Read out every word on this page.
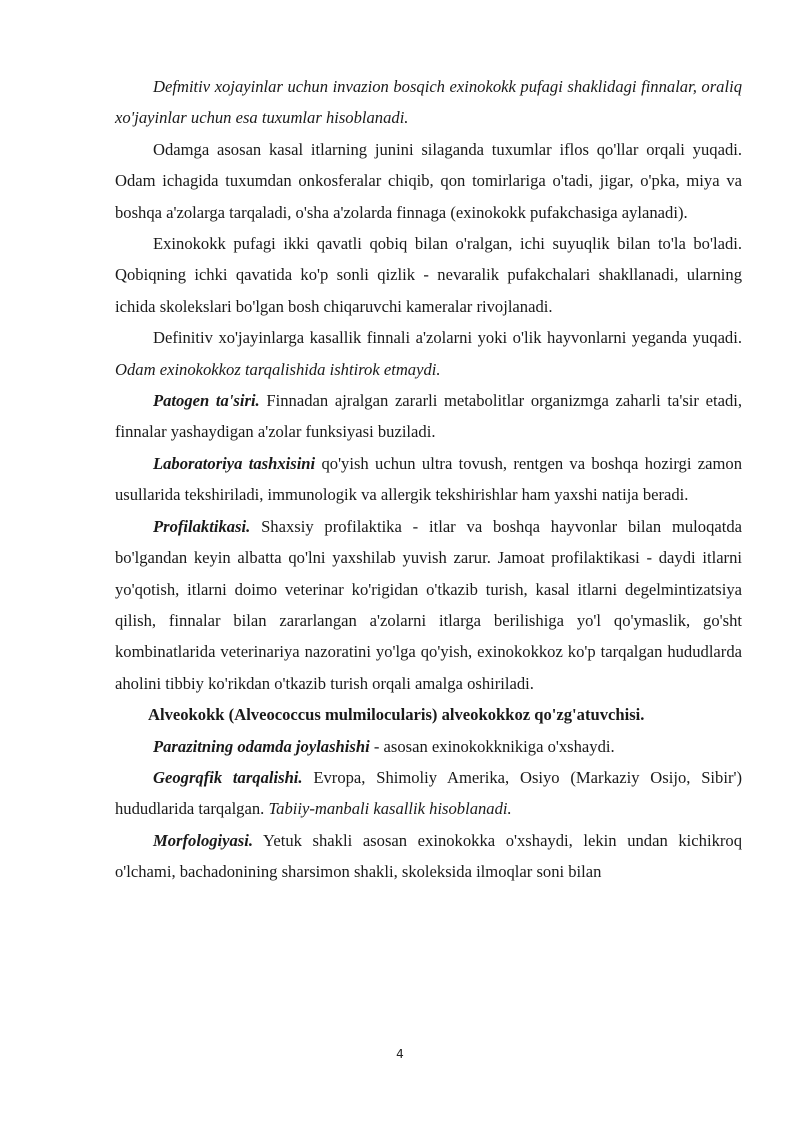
Defmitiv xojayinlar uchun invazion bosqich exinokokk pufagi shaklidagi finnalar, oraliq xo'jayinlar uchun esa tuxumlar hisoblanadi.

Odamga asosan kasal itlarning junini silaganda tuxumlar iflos qo'llar orqali yuqadi. Odam ichagida tuxumdan onkosferalar chiqib, qon tomirlariga o'tadi, jigar, o'pka, miya va boshqa a'zolarga tarqaladi, o'sha a'zolarda finnaga (exinokokk pufakchasiga aylanadi).

Exinokokk pufagi ikki qavatli qobiq bilan o'ralgan, ichi suyuqlik bilan to'la bo'ladi. Qobiqning ichki qavatida ko'p sonli qizlik - nevaralik pufakchalari shakllanadi, ularning ichida skolekslari bo'lgan bosh chiqaruvchi kameralar rivojlanadi.

Definitiv xo'jayinlarga kasallik finnali a'zolarni yoki o'lik hayvonlarni yeganda yuqadi. Odam exinokokkoz tarqalishida ishtirok etmaydi.

Patogen ta'siri. Finnadan ajralgan zararli metabolitlar organizmga zaharli ta'sir etadi, finnalar yashaydigan a'zolar funksiyasi buziladi.

Laboratoriya tashxisini qo'yish uchun ultra tovush, rentgen va boshqa hozirgi zamon usullarida tekshiriladi, immunologik va allergik tekshirishlar ham yaxshi natija beradi.

Profilaktikasi. Shaxsiy profilaktika - itlar va boshqa hayvonlar bilan muloqatda bo'lgandan keyin albatta qo'lni yaxshilab yuvish zarur. Jamoat profilaktikasi - daydi itlarni yo'qotish, itlarni doimo veterinar ko'rigidan o'tkazib turish, kasal itlarni degelmintizatsiya qilish, finnalar bilan zararlangan a'zolarni itlarga berilishiga yo'l qo'ymaslik, go'sht kombinatlarida veterinariya nazoratini yo'lga qo'yish, exinokokkoz ko'p tarqalgan hududlarda aholini tibbiy ko'rikdan o'tkazib turish orqali amalga oshiriladi.

Alveokokk (Alveococcus mulmilocularis) alveokokkoz qo'zg'atuvchisi.

Parazitning odamda joylashishi - asosan exinokokknikiga o'xshaydi.

Geogrqfik tarqalishi. Evropa, Shimoliy Amerika, Osiyo (Markaziy Osijo, Sibir') hududlarida tarqalgan. Tabiiy-manbali kasallik hisoblanadi.

Morfologiyasi. Yetuk shakli asosan exinokokka o'xshaydi, lekin undan kichikroq o'lchami, bachadonining sharsimon shakli, skoleksida ilmoqlar soni bilan

4
